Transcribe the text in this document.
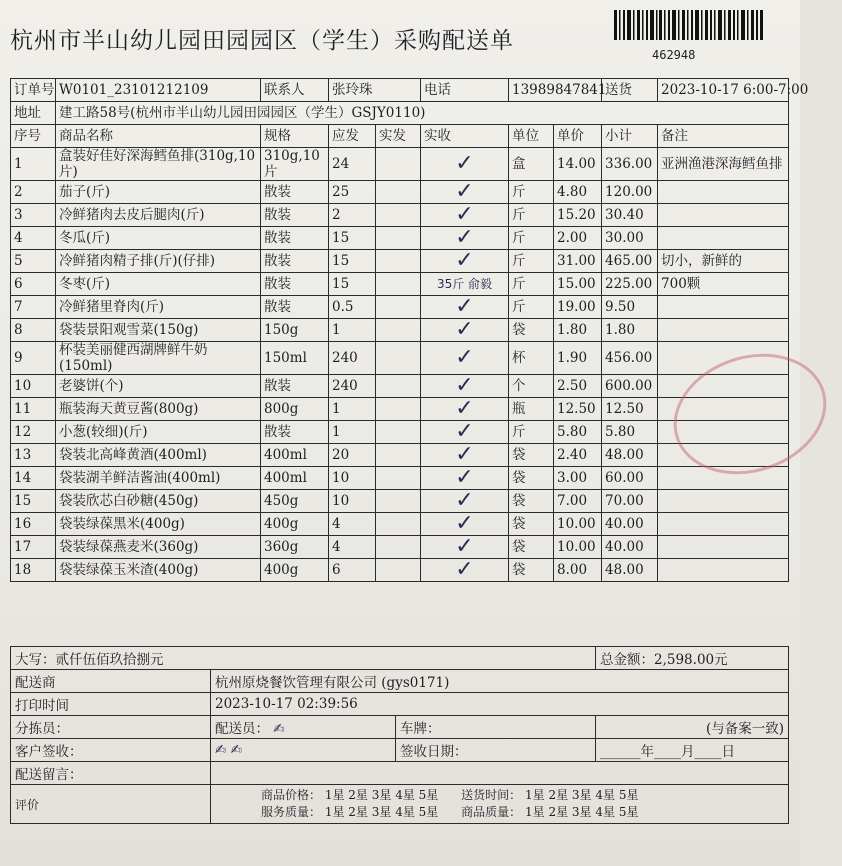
杭州市半山幼儿园田园园区（学生）采购配送单
462948
订单号	W0101_23101212109	联系人	张玲珠		电话	13989847841		送货	2023-10-17 6:00-7:00
地址	建工路58号(杭州市半山幼儿园田园园区（学生）GSJY0110)								
序号	商品名称	规格	应发	实发	实收	单位	单价	小计	备注
1	盒装好佳好深海鳕鱼排(310g,10片)	310g,10片	24		✓	盒	14.00	336.00	亚洲渔港深海鳕鱼排
2	茄子(斤)	散装	25		✓	斤	4.80	120.00	
3	冷鲜猪肉去皮后腿肉(斤)	散装	2		✓	斤	15.20	30.40	
4	冬瓜(斤)	散装	15		✓	斤	2.00	30.00	
5	冷鲜猪肉精子排(斤)(仔排)	散装	15		✓	斤	31.00	465.00	切小，新鲜的
6	冬枣(斤)	散装	15		35斤 俞毅	斤	15.00	225.00	700颗
7	冷鲜猪里脊肉(斤)	散装	0.5		✓	斤	19.00	9.50	
8	袋装景阳观雪菜(150g)	150g	1		✓	袋	1.80	1.80	
9	杯装美丽健西湖牌鲜牛奶(150ml)	150ml	240		✓	杯	1.90	456.00	
10	老婆饼(个)	散装	240		✓	个	2.50	600.00	
11	瓶装海天黄豆酱(800g)	800g	1		✓	瓶	12.50	12.50	
12	小葱(较细)(斤)	散装	1		✓	斤	5.80	5.80	
13	袋装北高峰黄酒(400ml)	400ml	20		✓	袋	2.40	48.00	
14	袋装湖羊鲜洁酱油(400ml)	400ml	10		✓	袋	3.00	60.00	
15	袋装欣芯白砂糖(450g)	450g	10		✓	袋	7.00	70.00	
16	袋装绿葆黑米(400g)	400g	4		✓	袋	10.00	40.00	
17	袋装绿葆燕麦米(360g)	360g	4		✓	袋	10.00	40.00	
18	袋装绿葆玉米渣(400g)	400g	6		✓	袋	8.00	48.00	
大写：贰仟伍佰玖拾捌元			总金额：2,598.00元
配送商	杭州原烧餐饮管理有限公司 (gys0171)		
打印时间	2023-10-17 02:39:56		
分拣员：	配送员： ✍	车牌：	(与备案一致)
客户签收：	✍ ✍	签收日期：	______年____月____日
配送留言：			
评价	商品价格： 1星 2星 3星 4星 5星 送货时间： 1星 2星 3星 4星 5星
服务质量： 1星 2星 3星 4星 5星 商品质量： 1星 2星 3星 4星 5星		
